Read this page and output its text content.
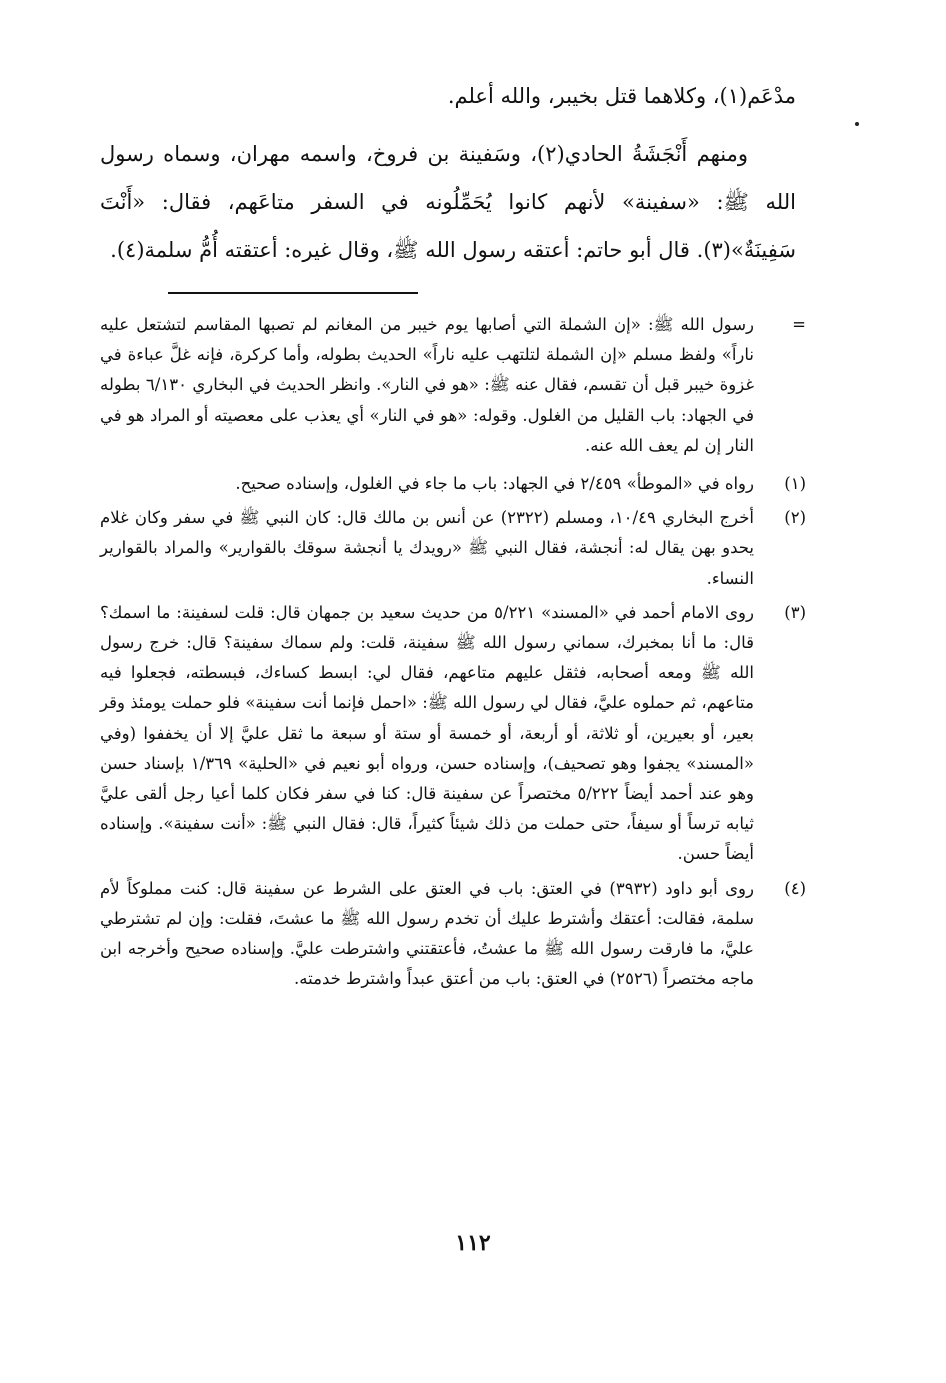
مدْعَم(١)، وكلاهما قتل بخيبر، والله أعلم.

ومنهم أَنْجَشَةُ الحادي(٢)، وسَفينة بن فروخ، واسمه مهران، وسماه رسول الله ﷺ: «سفينة» لأنهم كانوا يُحَمِّلُونه في السفر متاعَهم، فقال: «أَنْتَ سَفِينَةٌ»(٣). قال أبو حاتم: أعتقه رسول الله ﷺ، وقال غيره: أعتقته أُمُّ سلمة(٤).

=
رسول الله ﷺ: «إن الشملة التي أصابها يوم خيبر من المغانم لم تصبها المقاسم لتشتعل عليه ناراً» ولفظ مسلم «إن الشملة لتلتهب عليه ناراً» الحديث بطوله، وأما كركرة، فإنه غلَّ عباءة في غزوة خيبر قبل أن تقسم، فقال عنه ﷺ: «هو في النار». وانظر الحديث في البخاري ٦/١٣٠ بطوله في الجهاد: باب القليل من الغلول. وقوله: «هو في النار» أي يعذب على معصيته أو المراد هو في النار إن لم يعف الله عنه.
(١)
رواه في «الموطأ» ٢/٤٥٩ في الجهاد: باب ما جاء في الغلول، وإسناده صحيح.
(٢)
أخرج البخاري ١٠/٤٩، ومسلم (٢٣٢٢) عن أنس بن مالك قال: كان النبي ﷺ في سفر وكان غلام يحدو بهن يقال له: أنجشة، فقال النبي ﷺ «رويدك يا أنجشة سوقك بالقوارير» والمراد بالقوارير النساء.
(٣)
روى الامام أحمد في «المسند» ٥/٢٢١ من حديث سعيد بن جمهان قال: قلت لسفينة: ما اسمك؟ قال: ما أنا بمخبرك، سماني رسول الله ﷺ سفينة، قلت: ولم سماك سفينة؟ قال: خرج رسول الله ﷺ ومعه أصحابه، فثقل عليهم متاعهم، فقال لي: ابسط كساءك، فبسطته، فجعلوا فيه متاعهم، ثم حملوه عليَّ، فقال لي رسول الله ﷺ: «احمل فإنما أنت سفينة» فلو حملت يومئذ وقر بعير، أو بعيرين، أو ثلاثة، أو أربعة، أو خمسة أو ستة أو سبعة ما ثقل عليَّ إلا أن يخففوا (وفي «المسند» يجفوا وهو تصحيف)، وإسناده حسن، ورواه أبو نعيم في «الحلية» ١/٣٦٩ بإسناد حسن وهو عند أحمد أيضاً ٥/٢٢٢ مختصراً عن سفينة قال: كنا في سفر فكان كلما أعيا رجل ألقى عليَّ ثيابه ترساً أو سيفاً، حتى حملت من ذلك شيئاً كثيراً، قال: فقال النبي ﷺ: «أنت سفينة». وإسناده أيضاً حسن.
(٤)
روى أبو داود (٣٩٣٢) في العتق: باب في العتق على الشرط عن سفينة قال: كنت مملوكاً لأم سلمة، فقالت: أعتقك وأشترط عليك أن تخدم رسول الله ﷺ ما عشتَ، فقلت: وإن لم تشترطي عليَّ، ما فارقت رسول الله ﷺ ما عشتُ، فأعتقتني واشترطت عليَّ. وإسناده صحيح وأخرجه ابن ماجه مختصراً (٢٥٢٦) في العتق: باب من أعتق عبداً واشترط خدمته.
١١٢
